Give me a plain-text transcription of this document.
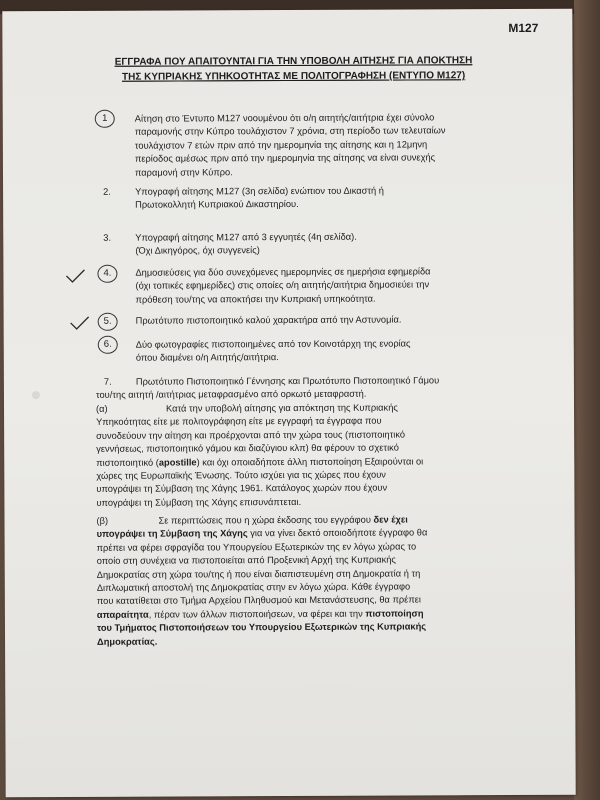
M127
ΕΓΓΡΑΦΑ ΠΟΥ ΑΠΑΙΤΟΥΝΤΑΙ ΓΙΑ ΤΗΝ ΥΠΟΒΟΛΗ ΑΙΤΗΣΗΣ ΓΙΑ ΑΠΟΚΤΗΣΗ
ΤΗΣ ΚΥΠΡΙΑΚΗΣ ΥΠΗΚΟΟΤΗΤΑΣ ΜΕ ΠΟΛΙΤΟΓΡΑΦΗΣΗ (ΕΝΤΥΠΟ Μ127)
1	Αίτηση στο Έντυπο Μ127 νοουμένου ότι ο/η αιτητής/αιτήτρια έχει σύνολο
παραμονής στην Κύπρο τουλάχιστον 7 χρόνια, στη περίοδο των τελευταίων
τουλάχιστον 7 ετών πριν από την ημερομηνία της αίτησης και η 12μηνη
περίοδος αμέσως πριν από την ημερομηνία της αίτησης να είναι συνεχής
παραμονή στην Κύπρο.
2.	Υπογραφή αίτησης Μ127 (3η σελίδα) ενώπιον του Δικαστή ή
Πρωτοκολλητή Κυπριακού Δικαστηρίου.
3.	Υπογραφή αίτησης Μ127 από 3 εγγυητές (4η σελίδα).
(Όχι Δικηγόρος, όχι συγγενείς)
4.	Δημοσιεύσεις για δύο συνεχόμενες ημερομηνίες σε ημερήσια εφημερίδα
(όχι τοπικές εφημερίδες) στις οποίες ο/η αιτητής/αιτήτρια δημοσιεύει την
πρόθεση του/της να αποκτήσει την Κυπριακή υπηκοότητα.
5.	Πρωτότυπο πιστοποιητικό καλού χαρακτήρα από την Αστυνομία.
6.	Δύο φωτογραφίες πιστοποιημένες από τον Κοινοτάρχη της ενορίας
όπου διαμένει ο/η Αιτητής/αιτήτρια.
7.	Πρωτότυπο Πιστοποιητικό Γέννησης και Πρωτότυπο Πιστοποιητικό Γάμου
του/της αιτητή /αιτήτριας μεταφρασμένο από ορκωτό μεταφραστή.
(α)	Κατά την υποβολή αίτησης για απόκτηση της Κυπριακής
Υπηκοότητας είτε με πολιτογράφηση είτε με εγγραφή τα έγγραφα που
συνοδεύουν την αίτηση και προέρχονται από την χώρα τους (πιστοποιητικό
γεννήσεως, πιστοποιητικό γάμου και διαζύγιου κλπ) θα φέρουν το σχετικό
πιστοποιητικό (apostille) και όχι οποιαδήποτε άλλη πιστοποίηση Εξαιρούνται οι
χώρες της Ευρωπαϊκής Ένωσης. Τούτο ισχύει για τις χώρες που έχουν
υπογράψει τη Σύμβαση της Χάγης 1961. Κατάλογος χωρών που έχουν
υπογράψει τη Σύμβαση της Χάγης επισυνάπτεται.
(β)	Σε περιπτώσεις που η χώρα έκδοσης του εγγράφου δεν έχει
υπογράψει τη Σύμβαση της Χάγης για να γίνει δεκτό οποιοδήποτε έγγραφο θα
πρέπει να φέρει σφραγίδα του Υπουργείου Εξωτερικών της εν λόγω χώρας το
οποίο στη συνέχεια να πιστοποιείται από Προξενική Αρχή της Κυπριακής
Δημοκρατίας στη χώρα του/της ή που είναι διαπιστευμένη στη Δημοκρατία ή τη
Διπλωματική αποστολή της Δημοκρατίας στην εν λόγω χώρα. Κάθε έγγραφο
που κατατίθεται στο Τμήμα Αρχείου Πληθυσμού και Μετανάστευσης, θα πρέπει
απαραίτητα, πέραν των άλλων πιστοποιήσεων, να φέρει και την πιστοποίηση
του Τμήματος Πιστοποιήσεων του Υπουργείου Εξωτερικών της Κυπριακής
Δημοκρατίας.
